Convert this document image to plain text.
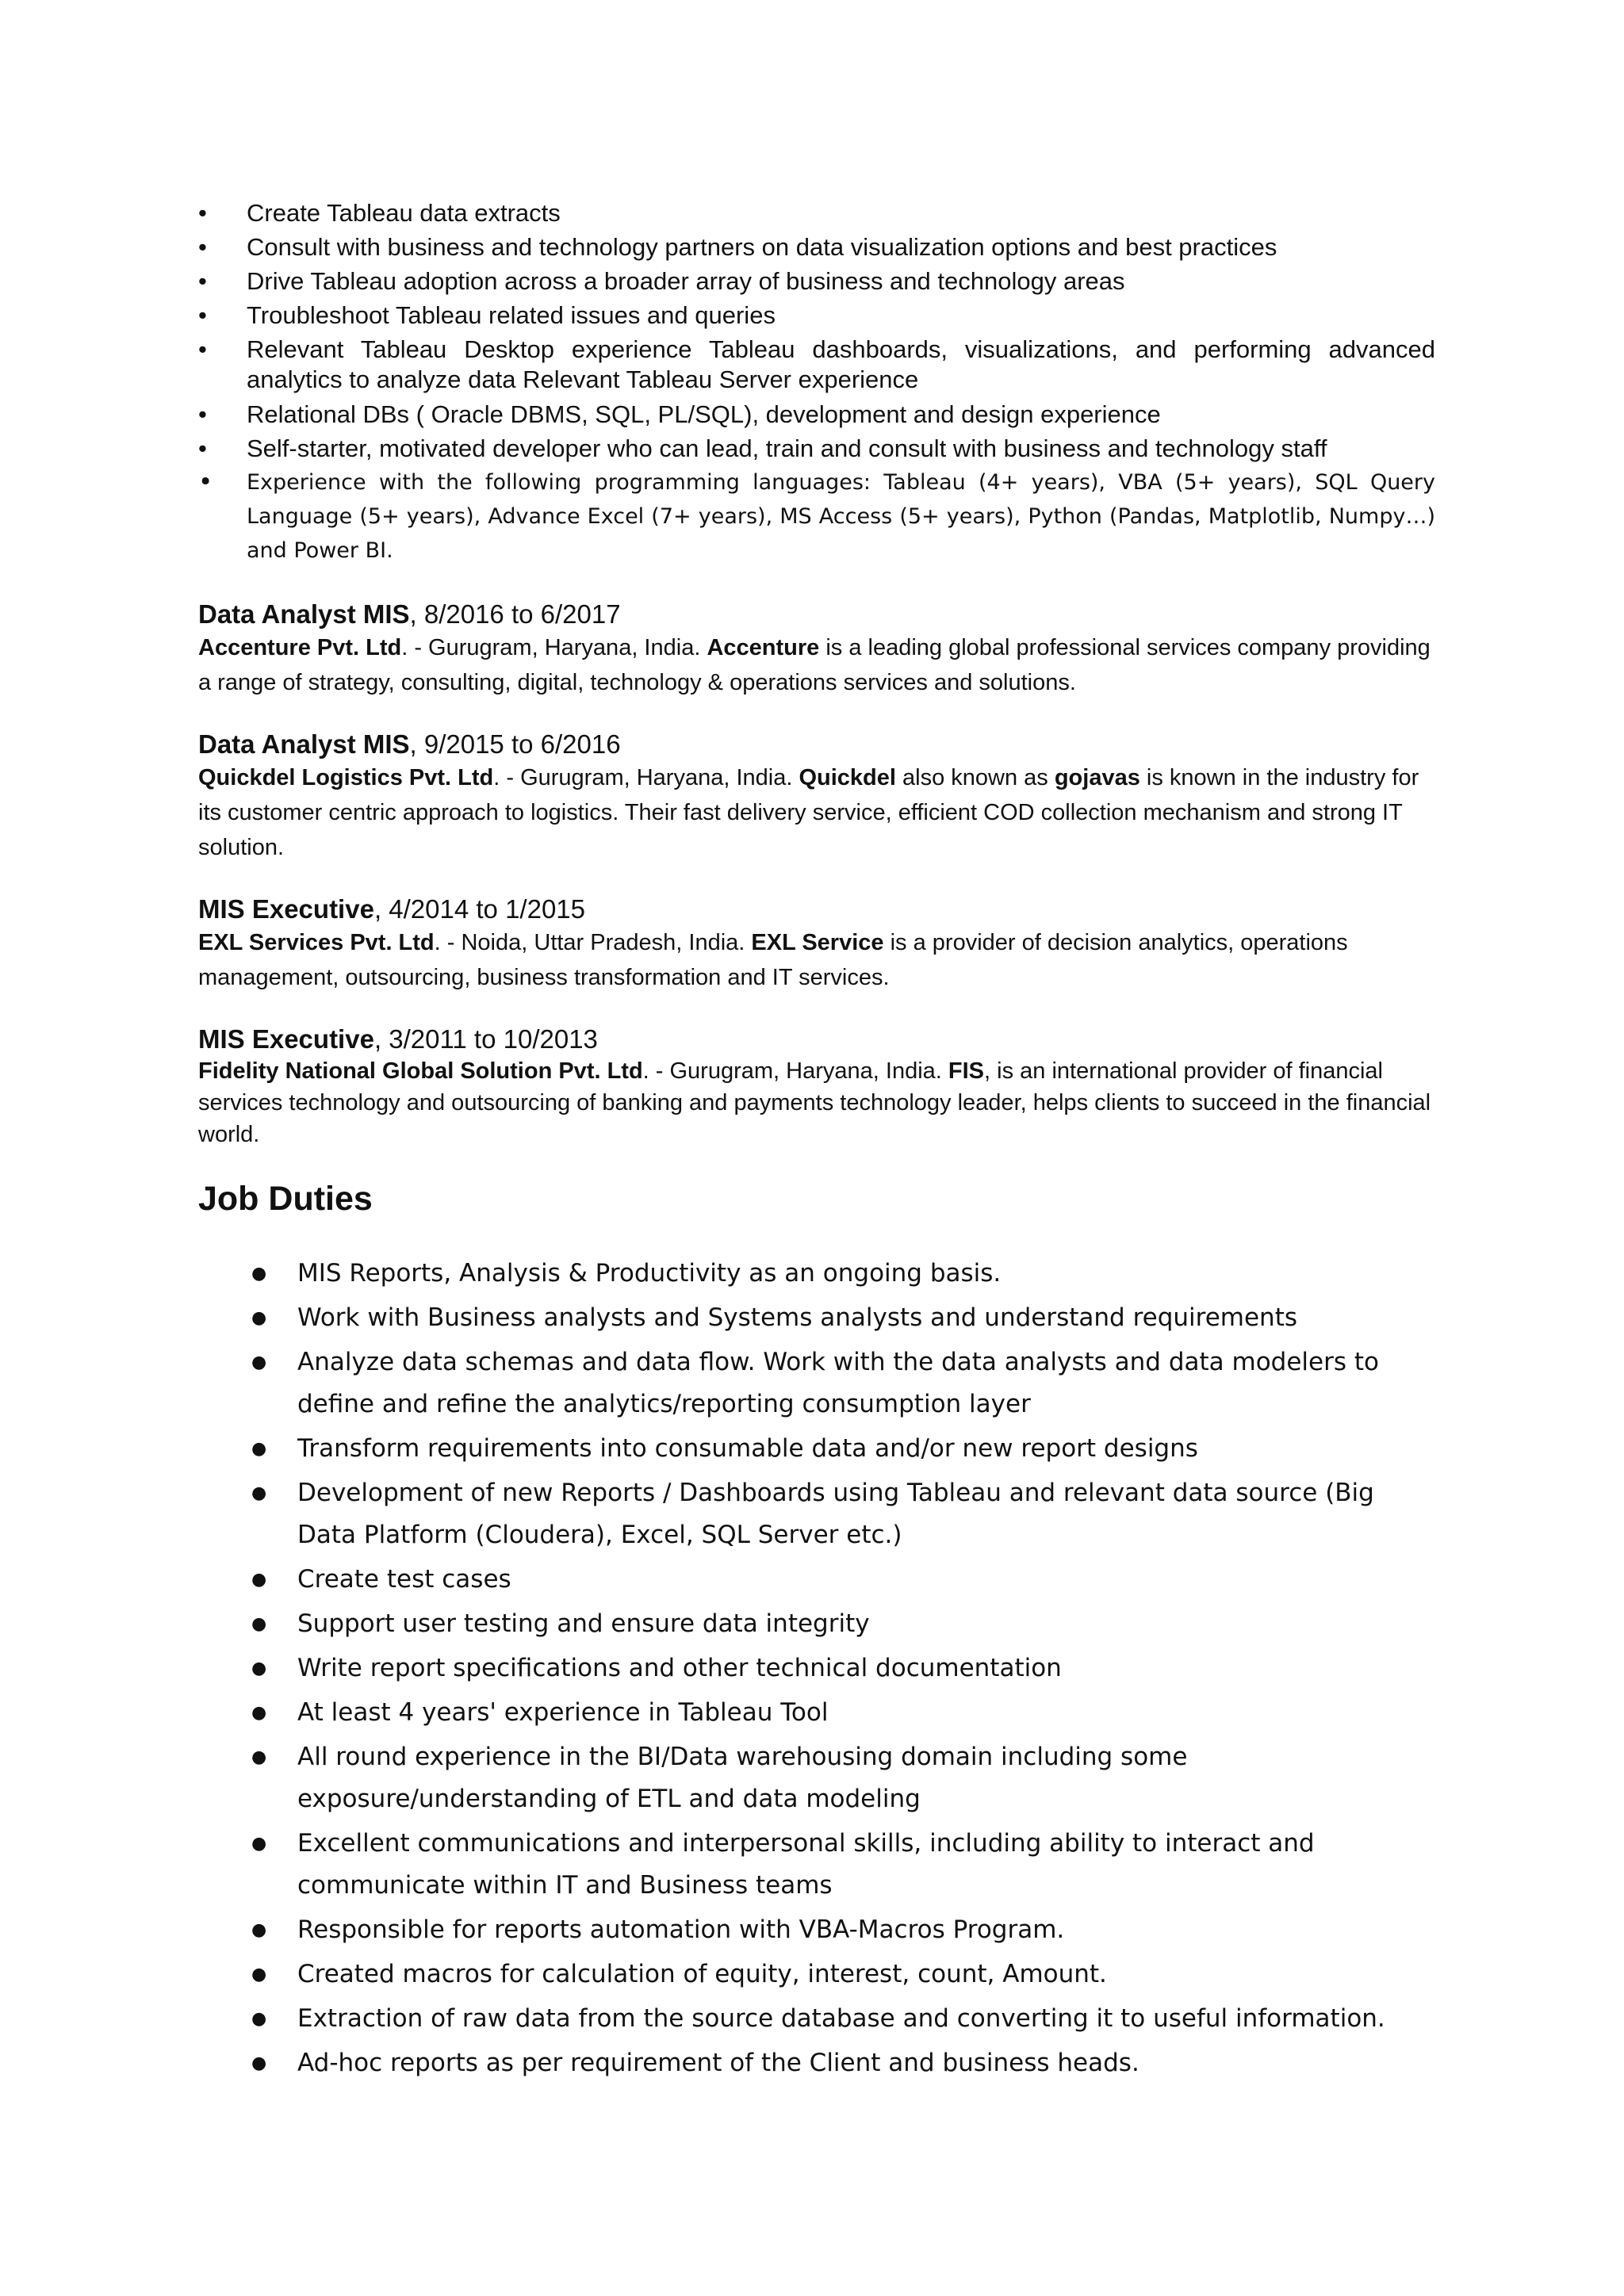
• Create Tableau data extracts
• Consult with business and technology partners on data visualization options and best practices
• Drive Tableau adoption across a broader array of business and technology areas
• Troubleshoot Tableau related issues and queries
• Relevant Tableau Desktop experience Tableau dashboards, visualizations, and performing advanced analytics to analyze data Relevant Tableau Server experience
• Relational DBs ( Oracle DBMS, SQL, PL/SQL), development and design experience
• Self-starter, motivated developer who can lead, train and consult with business and technology staff
• Experience with the following programming languages: Tableau (4+ years), VBA (5+ years), SQL Query Language (5+ years), Advance Excel (7+ years), MS Access (5+ years), Python (Pandas, Matplotlib, Numpy…) and Power BI.
Data Analyst MIS, 8/2016 to 6/2017
Accenture Pvt. Ltd. - Gurugram, Haryana, India. Accenture is a leading global professional services company providing a range of strategy, consulting, digital, technology & operations services and solutions.
Data Analyst MIS, 9/2015 to 6/2016
Quickdel Logistics Pvt. Ltd. - Gurugram, Haryana, India. Quickdel also known as gojavas is known in the industry for its customer centric approach to logistics. Their fast delivery service, efficient COD collection mechanism and strong IT solution.
MIS Executive, 4/2014 to 1/2015
EXL Services Pvt. Ltd. - Noida, Uttar Pradesh, India. EXL Service is a provider of decision analytics, operations management, outsourcing, business transformation and IT services.
MIS Executive, 3/2011 to 10/2013
Fidelity National Global Solution Pvt. Ltd. - Gurugram, Haryana, India. FIS, is an international provider of financial services technology and outsourcing of banking and payments technology leader, helps clients to succeed in the financial world.
Job Duties
● MIS Reports, Analysis & Productivity as an ongoing basis.
● Work with Business analysts and Systems analysts and understand requirements
● Analyze data schemas and data flow. Work with the data analysts and data modelers to define and refine the analytics/reporting consumption layer
● Transform requirements into consumable data and/or new report designs
● Development of new Reports / Dashboards using Tableau and relevant data source (Big Data Platform (Cloudera), Excel, SQL Server etc.)
● Create test cases
● Support user testing and ensure data integrity
● Write report specifications and other technical documentation
● At least 4 years' experience in Tableau Tool
● All round experience in the BI/Data warehousing domain including some exposure/understanding of ETL and data modeling
● Excellent communications and interpersonal skills, including ability to interact and communicate within IT and Business teams
● Responsible for reports automation with VBA-Macros Program.
● Created macros for calculation of equity, interest, count, Amount.
● Extraction of raw data from the source database and converting it to useful information.
● Ad-hoc reports as per requirement of the Client and business heads.
